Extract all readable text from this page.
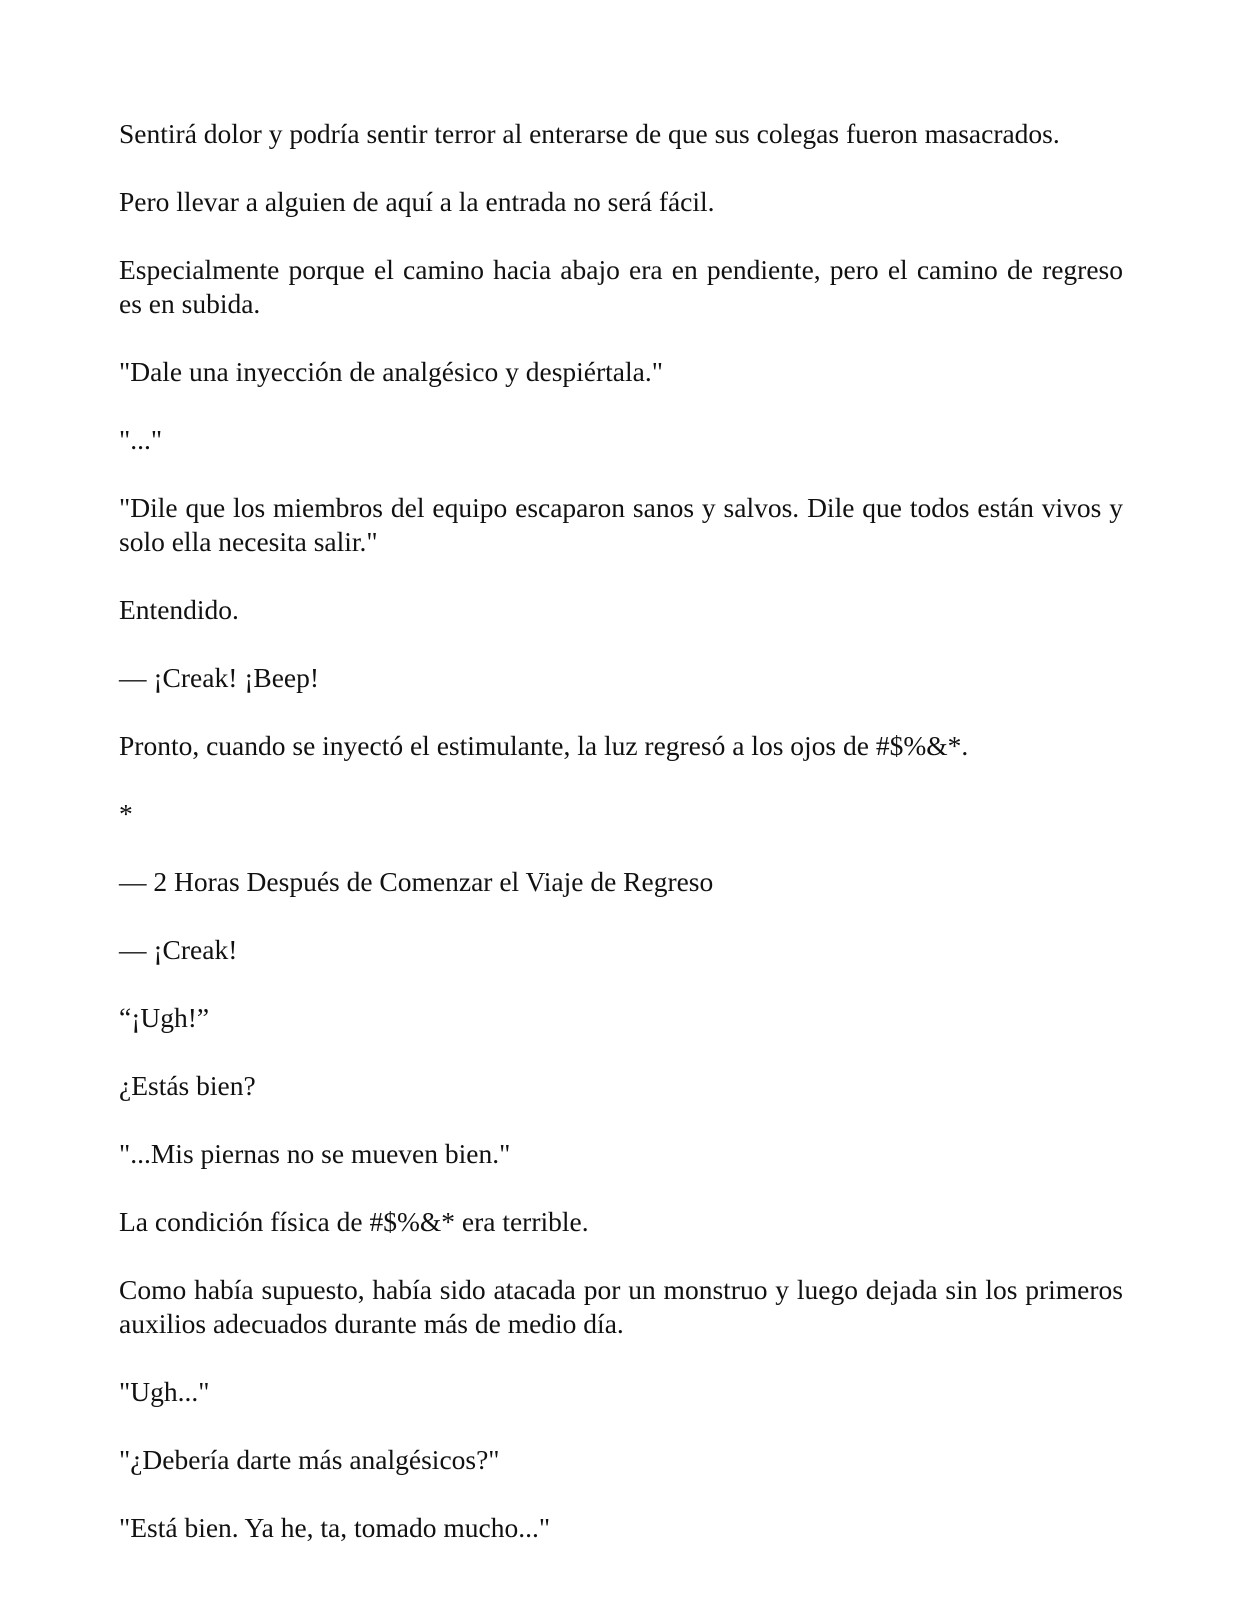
Sentirá dolor y podría sentir terror al enterarse de que sus colegas fueron masacrados.

Pero llevar a alguien de aquí a la entrada no será fácil.

Especialmente porque el camino hacia abajo era en pendiente, pero el camino de regreso es en subida.

"Dale una inyección de analgésico y despiértala."

"..."

"Dile que los miembros del equipo escaparon sanos y salvos. Dile que todos están vivos y solo ella necesita salir."

Entendido.

— ¡Creak! ¡Beep!

Pronto, cuando se inyectó el estimulante, la luz regresó a los ojos de #$%&*.

*

— 2 Horas Después de Comenzar el Viaje de Regreso

— ¡Creak!

“¡Ugh!”

¿Estás bien?

"...Mis piernas no se mueven bien."

La condición física de #$%&* era terrible.

Como había supuesto, había sido atacada por un monstruo y luego dejada sin los primeros auxilios adecuados durante más de medio día.

"Ugh..."

"¿Debería darte más analgésicos?"

"Está bien. Ya he, ta, tomado mucho..."
